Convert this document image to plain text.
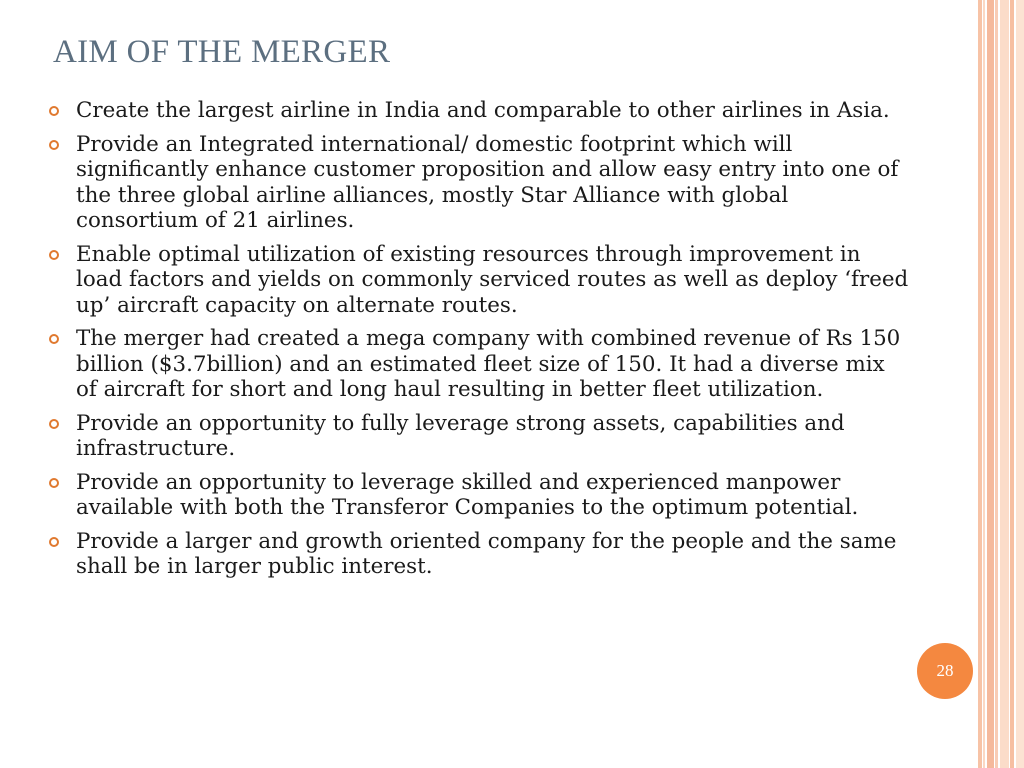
AIM OF THE MERGER
Create the largest airline in India and comparable to other airlines in Asia.
Provide an Integrated international/ domestic footprint which will significantly enhance customer proposition and allow easy entry into one of the three global airline alliances, mostly Star Alliance with global consortium of 21 airlines.
Enable optimal utilization of existing resources through improvement in load factors and yields on commonly serviced routes as well as deploy ‘freed up’ aircraft capacity on alternate routes.
The merger had created a mega company with combined revenue of Rs 150 billion ($3.7billion) and an estimated fleet size of 150. It had a diverse mix of aircraft for short and long haul resulting in better fleet utilization.
Provide an opportunity to fully leverage strong assets, capabilities and infrastructure.
Provide an opportunity to leverage skilled and experienced manpower available with both the Transferor Companies to the optimum potential.
Provide a larger and growth oriented company for the people and the same shall be in larger public interest.
28
